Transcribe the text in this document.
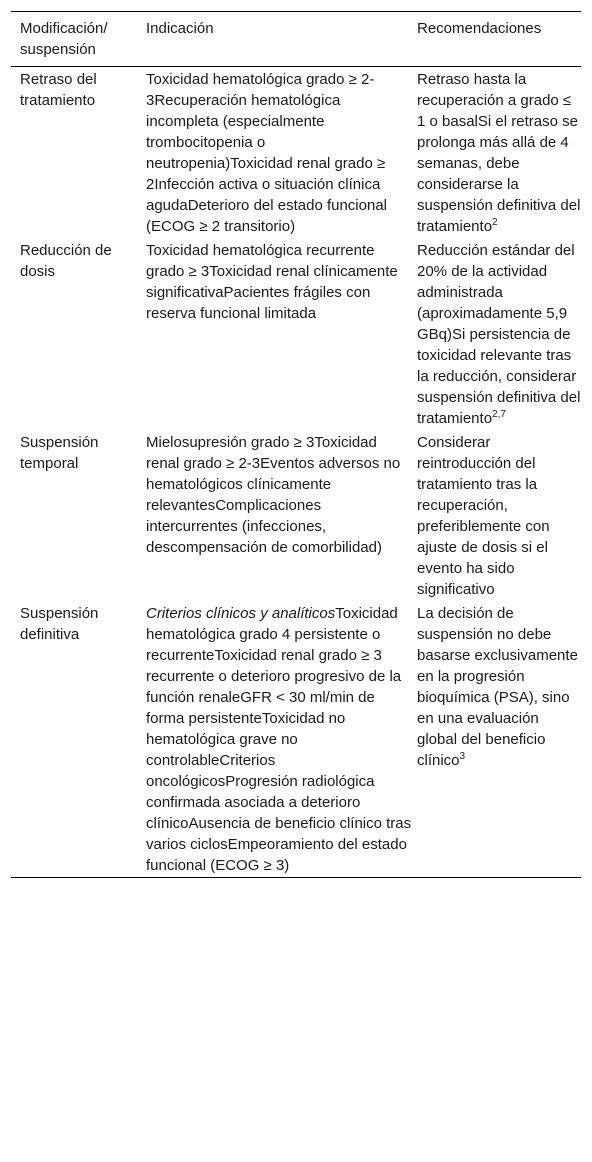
Modificación/ suspensión	Indicación	Recomendaciones
Retraso del tratamiento	Toxicidad hematológica grado ≥ 2-3Recuperación hematológica incompleta (especialmente trombocitopenia o neutropenia)Toxicidad renal grado ≥ 2Infección activa o situación clínica agudaDeterioro del estado funcional (ECOG ≥ 2 transitorio)	Retraso hasta la recuperación a grado ≤ 1 o basalSi el retraso se prolonga más allá de 4 semanas, debe considerarse la suspensión definitiva del tratamiento$^2$
Reducción de dosis	Toxicidad hematológica recurrente grado ≥ 3Toxicidad renal clínicamente significativaPacientes frágiles con reserva funcional limitada	Reducción estándar del 20% de la actividad administrada (aproximadamente 5,9 GBq)Si persistencia de toxicidad relevante tras la reducción, considerar suspensión definitiva del tratamiento$^{2,7}$
Suspensión temporal	Mielosupresión grado ≥ 3Toxicidad renal grado ≥ 2-3Eventos adversos no hematológicos clínicamente relevantesComplicaciones intercurrentes (infecciones, descompensación de comorbilidad)	Considerar reintroducción del tratamiento tras la recuperación, preferiblemente con ajuste de dosis si el evento ha sido significativo
Suspensión definitiva	Criterios clínicos y analíticosToxicidad hematológica grado 4 persistente o recurrenteToxicidad renal grado ≥ 3 recurrente o deterioro progresivo de la función renaleGFR < 30 ml/min de forma persistenteToxicidad no hematológica grave no controlableCriterios oncológicosProgresión radiológica confirmada asociada a deterioro clínicoAusencia de beneficio clínico tras varios ciclosEmpeoramiento del estado funcional (ECOG ≥ 3)	La decisión de suspensión no debe basarse exclusivamente en la progresión bioquímica (PSA), sino en una evaluación global del beneficio clínico$^3$
